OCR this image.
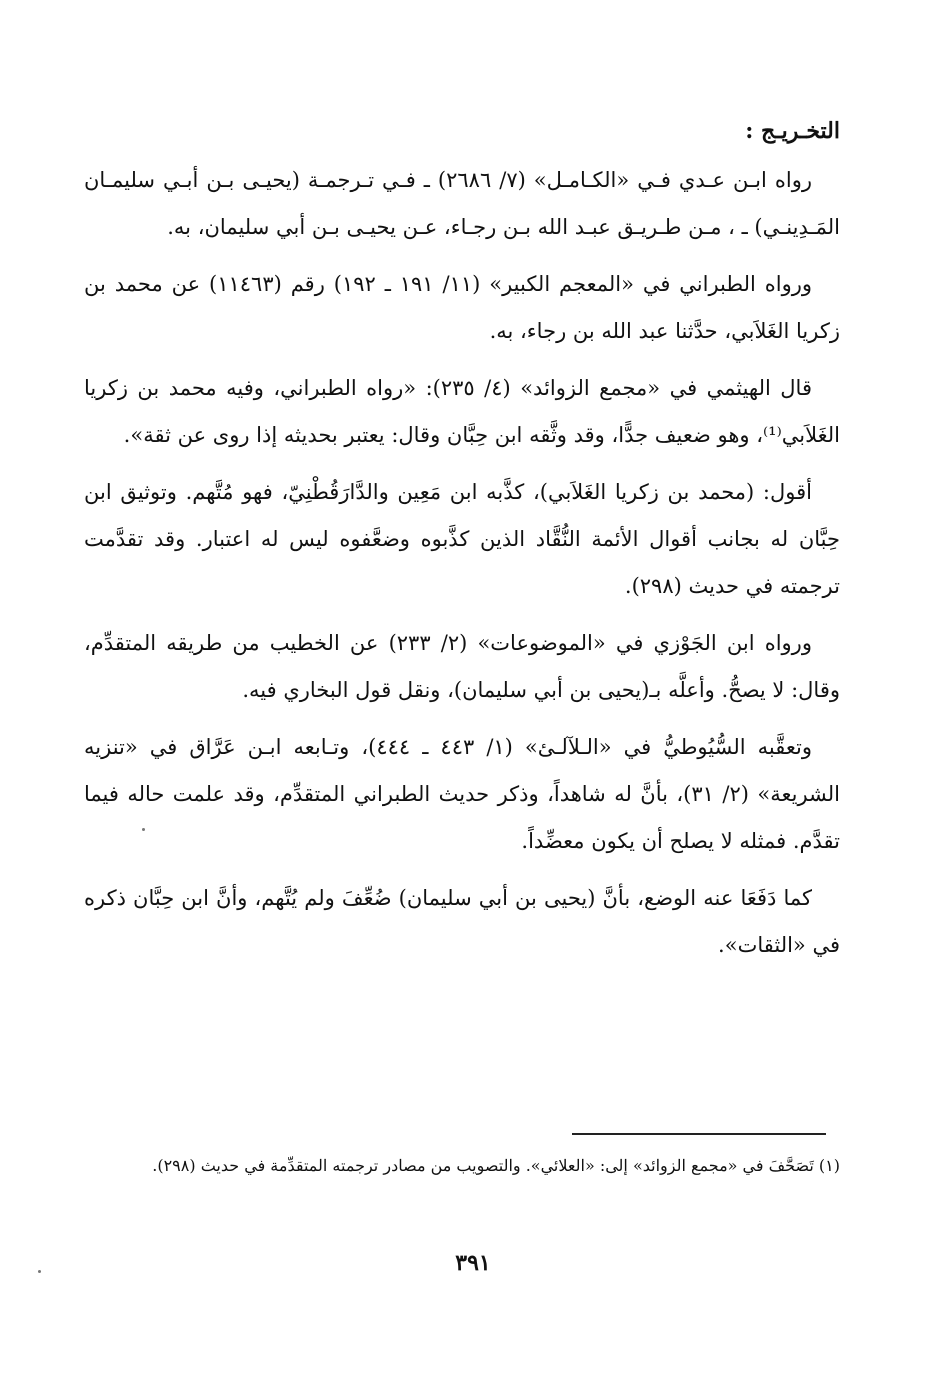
التخـريـج :

رواه ابـن عـدي فـي «الكـامـل» (٧/ ٢٦٨٦) ـ فـي تـرجمـة (يحيـى بـن أبـي سليمـان المَـدِينـي) ـ ، مـن طـريـق عبـد الله بـن رجـاء، عـن يحيـى بـن أبي سليمان، به.

ورواه الطبراني في «المعجم الكبير» (١١/ ١٩١ ـ ١٩٢) رقم (١١٤٦٣) عن محمد بن زكريا الغَلاَبي، حدَّثنا عبد الله بن رجاء، به.

قال الهيثمي في «مجمع الزوائد» (٤/ ٢٣٥): «رواه الطبراني، وفيه محمد بن زكريا الغَلاَبي⁽¹⁾، وهو ضعيف جدًّا، وقد وثَّقه ابن حِبَّان وقال: يعتبر بحديثه إذا روى عن ثقة».

أقول: (محمد بن زكريا الغَلاَبي)، كذَّبه ابن مَعِين والدَّارَقُطْنِيّ، فهو مُتَّهم. وتوثيق ابن حِبَّان له بجانب أقوال الأئمة النُّقَّاد الذين كذَّبوه وضعَّفوه ليس له اعتبار. وقد تقدَّمت ترجمته في حديث (٢٩٨).

ورواه ابن الجَوْزي في «الموضوعات» (٢/ ٢٣٣) عن الخطيب من طريقه المتقدِّم، وقال: لا يصحُّ. وأعلَّه بـ(يحيى بن أبي سليمان)، ونقل قول البخاري فيه.

وتعقَّبه السُّيُوطيُّ في «الـلآلـئ» (١/ ٤٤٣ ـ ٤٤٤)، وتـابعه ابـن عَرَّاق في «تنزيه الشريعة» (٢/ ٣١)، بأنَّ له شاهداً، وذكر حديث الطبراني المتقدِّم، وقد علمت حاله فيما تقدَّم. فمثله لا يصلح أن يكون معضِّداً.

كما دَفَعَا عنه الوضع، بأنَّ (يحيى بن أبي سليمان) ضُعِّفَ ولم يُتَّهم، وأنَّ ابن حِبَّان ذكره في «الثقات».

(١) تَصَحَّفَ في «مجمع الزوائد» إلى: «العلائي». والتصويب من مصادر ترجمته المتقدِّمة في حديث (٢٩٨).
٣٩١
